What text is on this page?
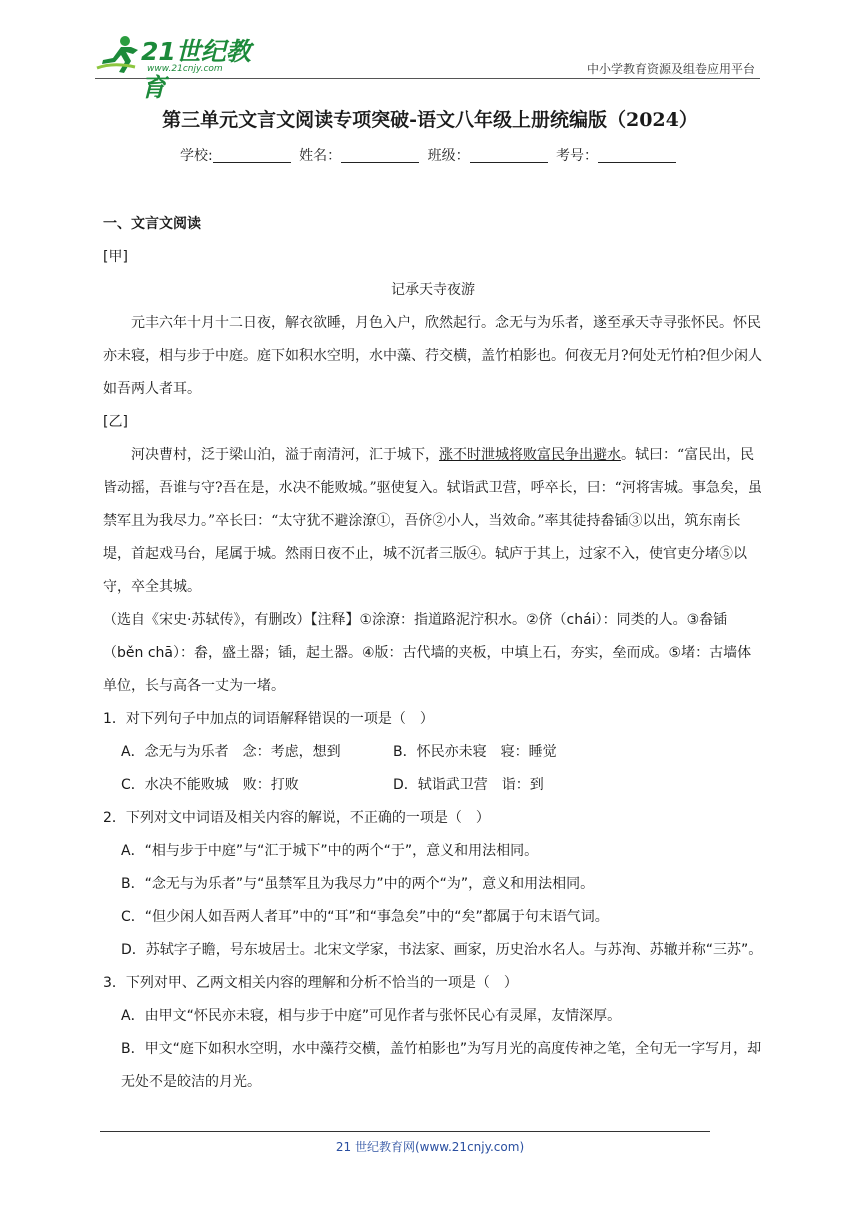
21世纪教育
www.21cnjy.com	中小学教育资源及组卷应用平台
第三单元文言文阅读专项突破-语文八年级上册统编版（2024）
学校:	姓名：	班级：	考号：

一、文言文阅读

[甲]

记承天寺夜游

元丰六年十月十二日夜，解衣欲睡，月色入户，欣然起行。念无与为乐者，遂至承天寺寻张怀民。怀民亦未寝，相与步于中庭。庭下如积水空明，水中藻、荇交横，盖竹柏影也。何夜无月?何处无竹柏?但少闲人如吾两人者耳。

[乙]

河决曹村，泛于梁山泊，溢于南清河，汇于城下，涨不时泄城将败富民争出避水。轼曰：“富民出，民皆动摇，吾谁与守?吾在是，水决不能败城。”驱使复入。轼诣武卫营，呼卒长，曰：“河将害城。事急矣，虽禁军且为我尽力。”卒长曰：“太守犹不避涂潦①，吾侪②小人，当效命。”率其徒持畚锸③以出，筑东南长堤，首起戏马台，尾属于城。然雨日夜不止，城不沉者三版④。轼庐于其上，过家不入，使官吏分堵⑤以守，卒全其城。

（选自《宋史·苏轼传》，有删改）【注释】①涂潦：指道路泥泞积水。②侪（chái）：同类的人。③畚锸（běn chā）：畚，盛土器；锸，起土器。④版：古代墙的夹板，中填上石，夯实，垒而成。⑤堵：古墙体单位，长与高各一丈为一堵。

1．对下列句子中加点的词语解释错误的一项是（　）

A．念无与为乐者　念：考虑，想到	B．怀民亦未寝　寝：睡觉
C．水决不能败城　败：打败	D．轼诣武卫营　诣：到

2．下列对文中词语及相关内容的解说，不正确的一项是（　）

A．“相与步于中庭”与“汇于城下”中的两个“于”，意义和用法相同。
B．“念无与为乐者”与“虽禁军且为我尽力”中的两个“为”，意义和用法相同。
C．“但少闲人如吾两人者耳”中的“耳”和“事急矣”中的“矣”都属于句末语气词。
D．苏轼字子瞻，号东坡居士。北宋文学家，书法家、画家，历史治水名人。与苏洵、苏辙并称“三苏”。

3．下列对甲、乙两文相关内容的理解和分析不恰当的一项是（　）

A．由甲文“怀民亦未寝，相与步于中庭”可见作者与张怀民心有灵犀，友情深厚。
B．甲文“庭下如积水空明，水中藻荇交横，盖竹柏影也”为写月光的高度传神之笔，全句无一字写月，却无处不是皎洁的月光。
21 世纪教育网(www.21cnjy.com)
